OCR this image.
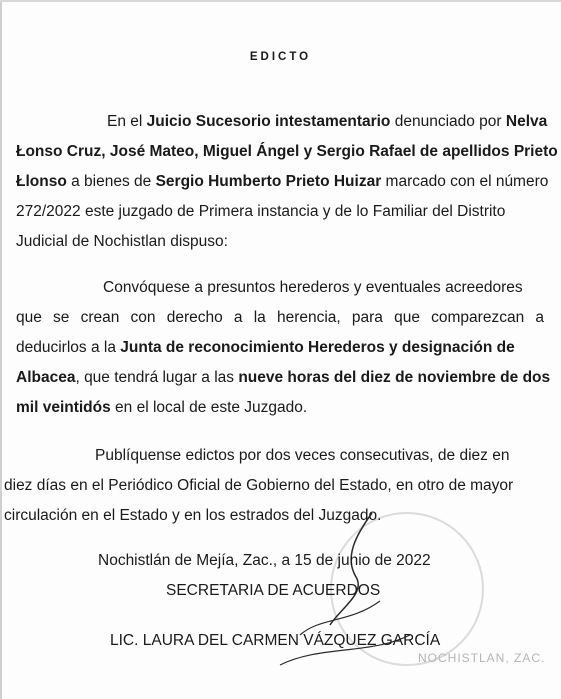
EDICTO
En el Juicio Sucesorio intestamentario denunciado por Nelva
Łonso Cruz, José Mateo, Miguel Ángel y Sergio Rafael de apellidos Prieto
Łlonso a bienes de Sergio Humberto Prieto Huizar marcado con el número
272/2022 este juzgado de Primera instancia y de lo Familiar del Distrito
Judicial de Nochistlan dispuso:
Convóquese a presuntos herederos y eventuales acreedores
que se crean con derecho a la herencia, para que comparezcan a
deducirlos a la Junta de reconocimiento Herederos y designación de
Albacea, que tendrá lugar a las nueve horas del diez de noviembre de dos
mil veintidós en el local de este Juzgado.
Publíquense edictos por dos veces consecutivas, de diez en
diez días en el Periódico Oficial de Gobierno del Estado, en otro de mayor
circulación en el Estado y en los estrados del Juzgado.
NOCHISTLAN, ZAC.
Nochistlán de Mejía, Zac., a 15 de junio de 2022
SECRETARIA DE ACUERDOS
LIC. LAURA DEL CARMEN VÁZQUEZ GARCÍA
